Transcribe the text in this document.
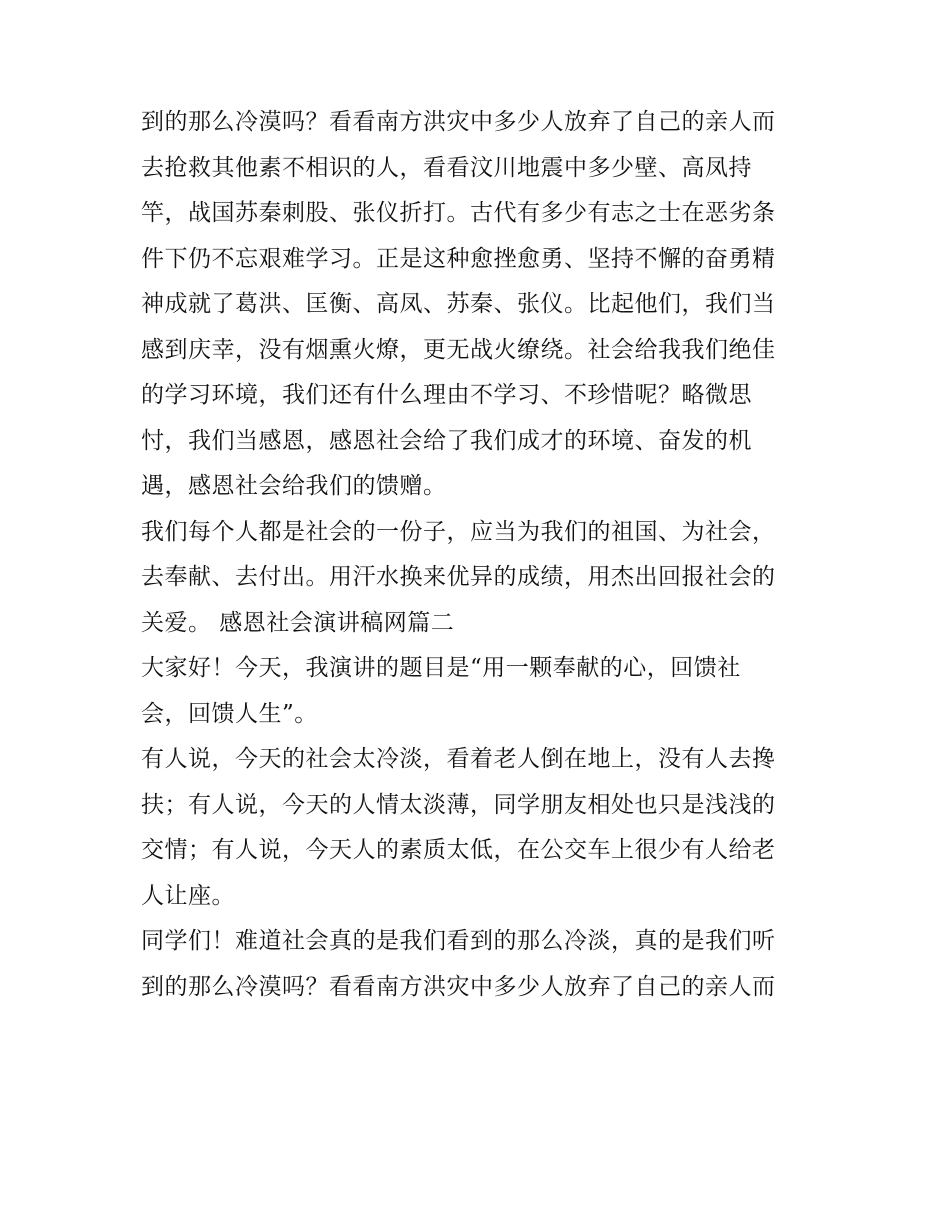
到的那么冷漠吗？看看南方洪灾中多少人放弃了自己的亲人而
去抢救其他素不相识的人，看看汶川地震中多少壁、高凤持
竿，战国苏秦刺股、张仪折打。古代有多少有志之士在恶劣条
件下仍不忘艰难学习。正是这种愈挫愈勇、坚持不懈的奋勇精
神成就了葛洪、匡衡、高凤、苏秦、张仪。比起他们，我们当
感到庆幸，没有烟熏火燎，更无战火缭绕。社会给我我们绝佳
的学习环境，我们还有什么理由不学习、不珍惜呢？略微思
忖，我们当感恩，感恩社会给了我们成才的环境、奋发的机
遇，感恩社会给我们的馈赠。

我们每个人都是社会的一份子，应当为我们的祖国、为社会，
去奉献、去付出。用汗水换来优异的成绩，用杰出回报社会的
关爱。 感恩社会演讲稿网篇二

大家好！今天，我演讲的题目是“用一颗奉献的心，回馈社
会，回馈人生”。

有人说，今天的社会太冷淡，看着老人倒在地上，没有人去搀
扶；有人说，今天的人情太淡薄，同学朋友相处也只是浅浅的
交情；有人说，今天人的素质太低，在公交车上很少有人给老
人让座。

同学们！难道社会真的是我们看到的那么冷淡，真的是我们听
到的那么冷漠吗？看看南方洪灾中多少人放弃了自己的亲人而
